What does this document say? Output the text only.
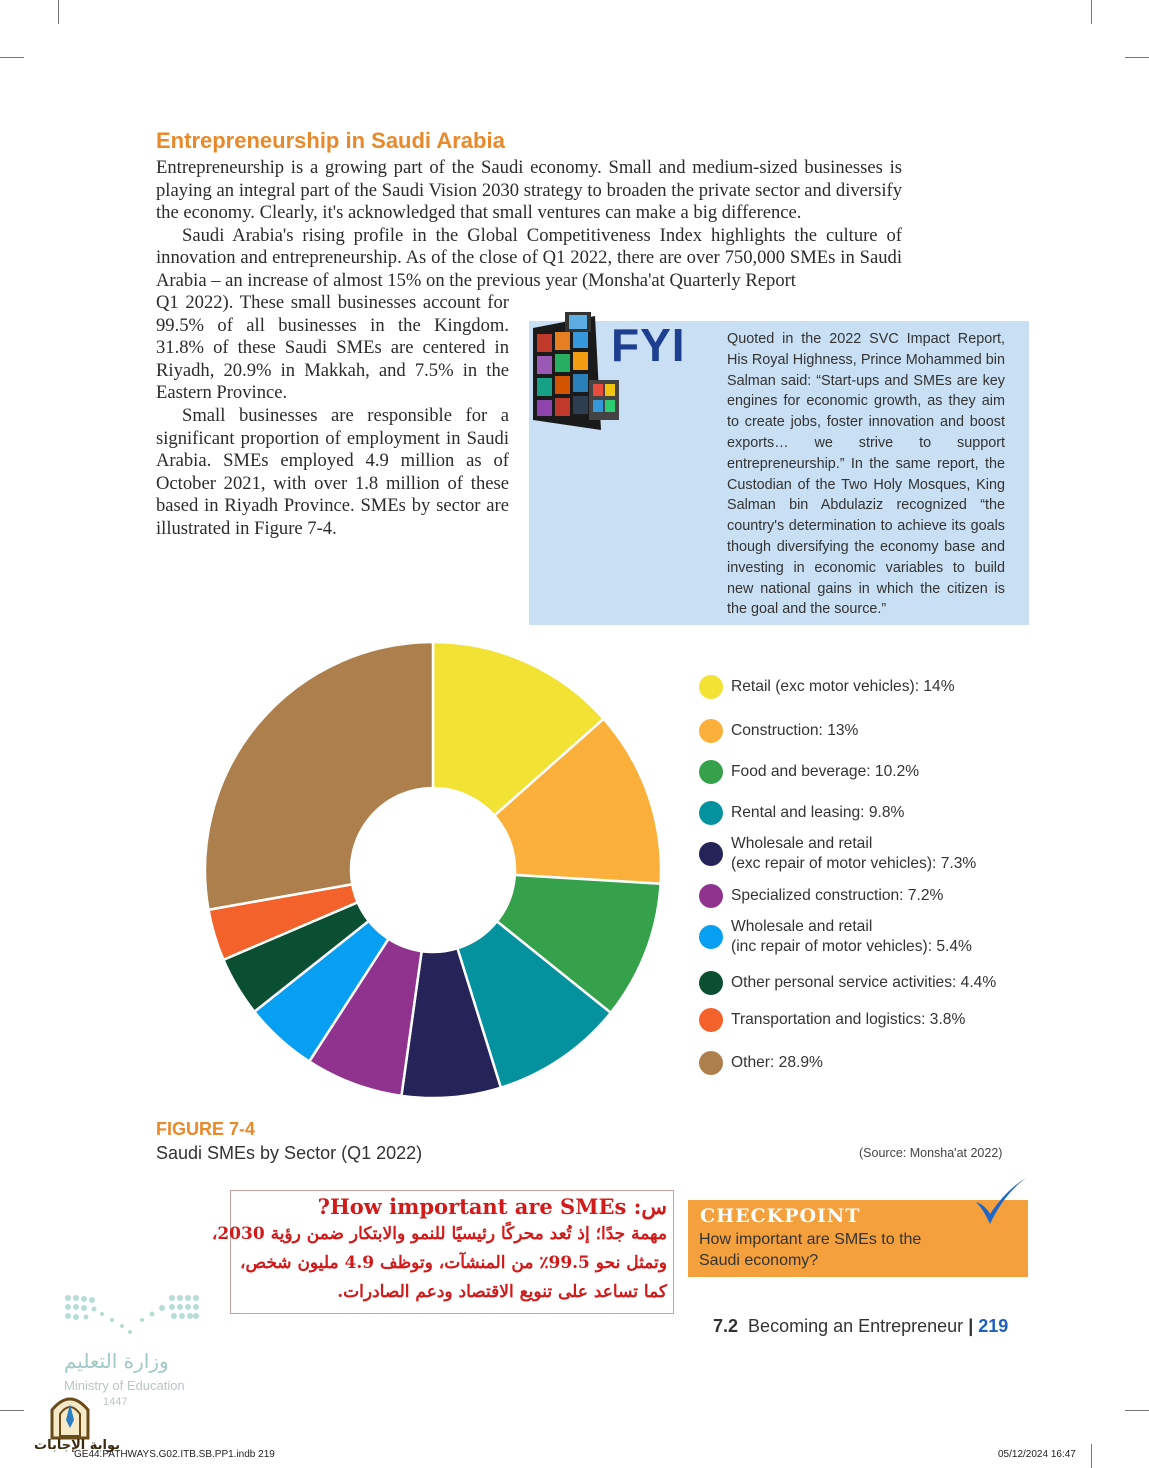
Entrepreneurship in Saudi Arabia

Entrepreneurship is a growing part of the Saudi economy. Small and medium-sized businesses is playing an integral part of the Saudi Vision 2030 strategy to broaden the private sector and diversify the economy. Clearly, it's acknowledged that small ventures can make a big difference.

Saudi Arabia's rising profile in the Global Competitiveness Index highlights the culture of innovation and entrepreneurship. As of the close of Q1 2022, there are over 750,000 SMEs in Saudi Arabia – an increase of almost 15% on the previous year (Monsha'at Quarterly Report

Q1 2022). These small businesses account for 99.5% of all businesses in the Kingdom. 31.8% of these Saudi SMEs are centered in Riyadh, 20.9% in Makkah, and 7.5% in the Eastern Province.

Small businesses are responsible for a significant proportion of employment in Saudi Arabia. SMEs employed 4.9 million as of October 2021, with over 1.8 million of these based in Riyadh Province. SMEs by sector are illustrated in Figure 7-4.

FYI	Quoted in the 2022 SVC Impact Report, His Royal Highness, Prince Mohammed bin Salman said: “Start-ups and SMEs are key engines for economic growth, as they aim to create jobs, foster innovation and boost exports… we strive to support entrepreneurship.” In the same report, the Custodian of the Two Holy Mosques, King Salman bin Abdulaziz recognized “the country's determination to achieve its goals though diversifying the economy base and investing in economic variables to build new national gains in which the citizen is the goal and the source.”
Retail (exc motor vehicles): 14%
Construction: 13%
Food and beverage: 10.2%
Rental and leasing: 9.8%
Wholesale and retail
(exc repair of motor vehicles): 7.3%
Specialized construction: 7.2%
Wholesale and retail
(inc repair of motor vehicles): 5.4%
Other personal service activities: 4.4%
Transportation and logistics: 3.8%
Other: 28.9%
FIGURE 7-4
Saudi SMEs by Sector (Q1 2022)	(Source: Monsha'at 2022)
س: How important are SMEs?
مهمة جدًا؛ إذ تُعد محركًا رئيسيًا للنمو والابتكار ضمن رؤية 2030،
وتمثل نحو 99.5٪ من المنشآت، وتوظف 4.9 مليون شخص،
كما تساعد على تنويع الاقتصاد ودعم الصادرات.
CHECKPOINT
How important are SMEs to the Saudi economy?
7.2 Becoming an Entrepreneur | 219
وزارة التعليم
Ministry of Education
1447
بوابة الإجابات
GE44.PATHWAYS.G02.ITB.SB.PP1.indb 219	05/12/2024 16:47
